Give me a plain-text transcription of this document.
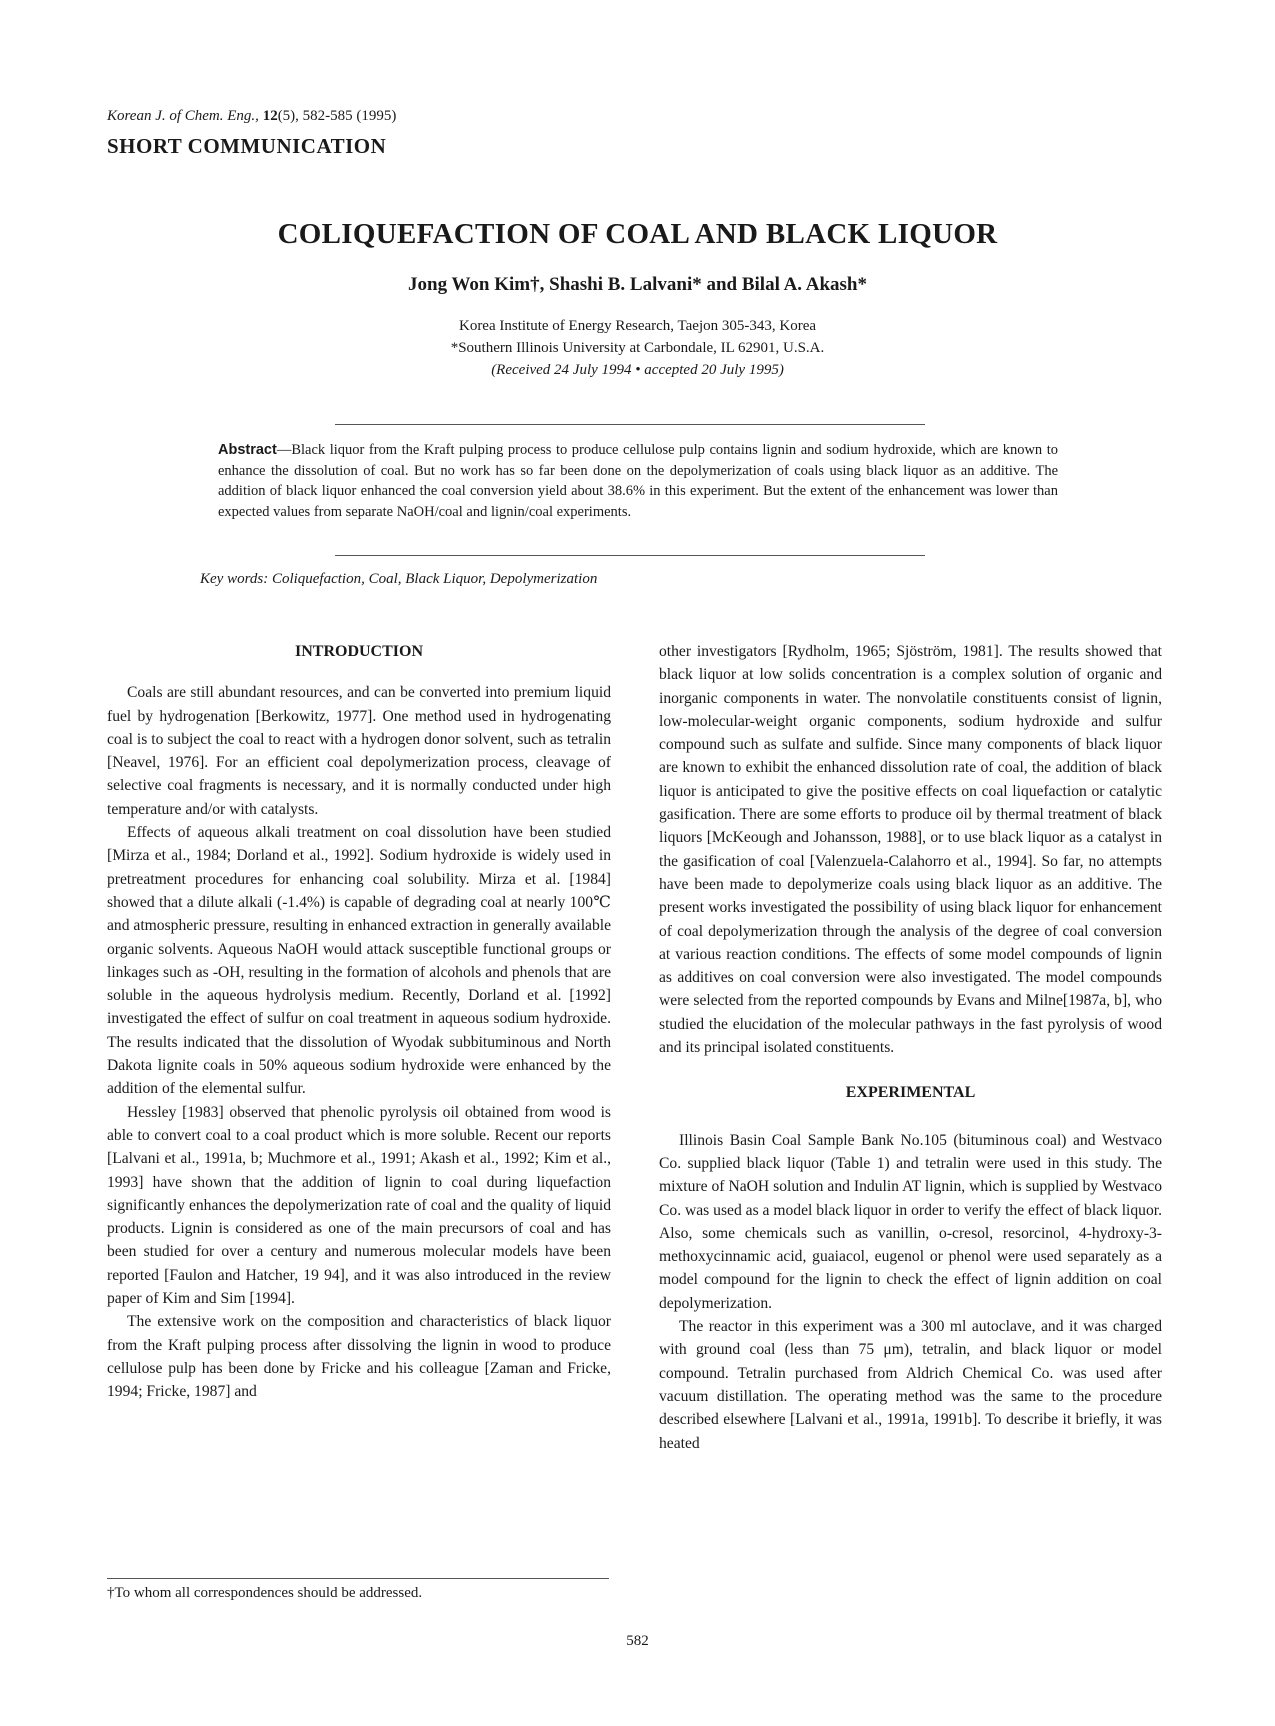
Korean J. of Chem. Eng., 12(5), 582-585 (1995)
SHORT COMMUNICATION
COLIQUEFACTION OF COAL AND BLACK LIQUOR
Jong Won Kim†, Shashi B. Lalvani* and Bilal A. Akash*
Korea Institute of Energy Research, Taejon 305-343, Korea
*Southern Illinois University at Carbondale, IL 62901, U.S.A.
(Received 24 July 1994 • accepted 20 July 1995)
Abstract—Black liquor from the Kraft pulping process to produce cellulose pulp contains lignin and sodium hydroxide, which are known to enhance the dissolution of coal. But no work has so far been done on the depolymerization of coals using black liquor as an additive. The addition of black liquor enhanced the coal conversion yield about 38.6% in this experiment. But the extent of the enhancement was lower than expected values from separate NaOH/coal and lignin/coal experiments.
Key words: Coliquefaction, Coal, Black Liquor, Depolymerization
INTRODUCTION

Coals are still abundant resources, and can be converted into premium liquid fuel by hydrogenation [Berkowitz, 1977]. One method used in hydrogenating coal is to subject the coal to react with a hydrogen donor solvent, such as tetralin [Neavel, 1976]. For an efficient coal depolymerization process, cleavage of selective coal fragments is necessary, and it is normally conducted under high temperature and/or with catalysts.

Effects of aqueous alkali treatment on coal dissolution have been studied [Mirza et al., 1984; Dorland et al., 1992]. Sodium hydroxide is widely used in pretreatment procedures for enhancing coal solubility. Mirza et al. [1984] showed that a dilute alkali (-1.4%) is capable of degrading coal at nearly 100℃ and atmospheric pressure, resulting in enhanced extraction in generally available organic solvents. Aqueous NaOH would attack susceptible functional groups or linkages such as -OH, resulting in the formation of alcohols and phenols that are soluble in the aqueous hydrolysis medium. Recently, Dorland et al. [1992] investigated the effect of sulfur on coal treatment in aqueous sodium hydroxide. The results indicated that the dissolution of Wyodak subbituminous and North Dakota lignite coals in 50% aqueous sodium hydroxide were enhanced by the addition of the elemental sulfur.

Hessley [1983] observed that phenolic pyrolysis oil obtained from wood is able to convert coal to a coal product which is more soluble. Recent our reports [Lalvani et al., 1991a, b; Muchmore et al., 1991; Akash et al., 1992; Kim et al., 1993] have shown that the addition of lignin to coal during liquefaction significantly enhances the depolymerization rate of coal and the quality of liquid products. Lignin is considered as one of the main precursors of coal and has been studied for over a century and numerous molecular models have been reported [Faulon and Hatcher, 19 94], and it was also introduced in the review paper of Kim and Sim [1994].

The extensive work on the composition and characteristics of black liquor from the Kraft pulping process after dissolving the lignin in wood to produce cellulose pulp has been done by Fricke and his colleague [Zaman and Fricke, 1994; Fricke, 1987] and

other investigators [Rydholm, 1965; Sjöström, 1981]. The results showed that black liquor at low solids concentration is a complex solution of organic and inorganic components in water. The nonvolatile constituents consist of lignin, low-molecular-weight organic components, sodium hydroxide and sulfur compound such as sulfate and sulfide. Since many components of black liquor are known to exhibit the enhanced dissolution rate of coal, the addition of black liquor is anticipated to give the positive effects on coal liquefaction or catalytic gasification. There are some efforts to produce oil by thermal treatment of black liquors [McKeough and Johansson, 1988], or to use black liquor as a catalyst in the gasification of coal [Valenzuela-Calahorro et al., 1994]. So far, no attempts have been made to depolymerize coals using black liquor as an additive. The present works investigated the possibility of using black liquor for enhancement of coal depolymerization through the analysis of the degree of coal conversion at various reaction conditions. The effects of some model compounds of lignin as additives on coal conversion were also investigated. The model compounds were selected from the reported compounds by Evans and Milne[1987a, b], who studied the elucidation of the molecular pathways in the fast pyrolysis of wood and its principal isolated constituents.

EXPERIMENTAL

Illinois Basin Coal Sample Bank No.105 (bituminous coal) and Westvaco Co. supplied black liquor (Table 1) and tetralin were used in this study. The mixture of NaOH solution and Indulin AT lignin, which is supplied by Westvaco Co. was used as a model black liquor in order to verify the effect of black liquor. Also, some chemicals such as vanillin, o-cresol, resorcinol, 4-hydroxy-3-methoxycinnamic acid, guaiacol, eugenol or phenol were used separately as a model compound for the lignin to check the effect of lignin addition on coal depolymerization.

The reactor in this experiment was a 300 ml autoclave, and it was charged with ground coal (less than 75 μm), tetralin, and black liquor or model compound. Tetralin purchased from Aldrich Chemical Co. was used after vacuum distillation. The operating method was the same to the procedure described elsewhere [Lalvani et al., 1991a, 1991b]. To describe it briefly, it was heated

†To whom all correspondences should be addressed.
582
